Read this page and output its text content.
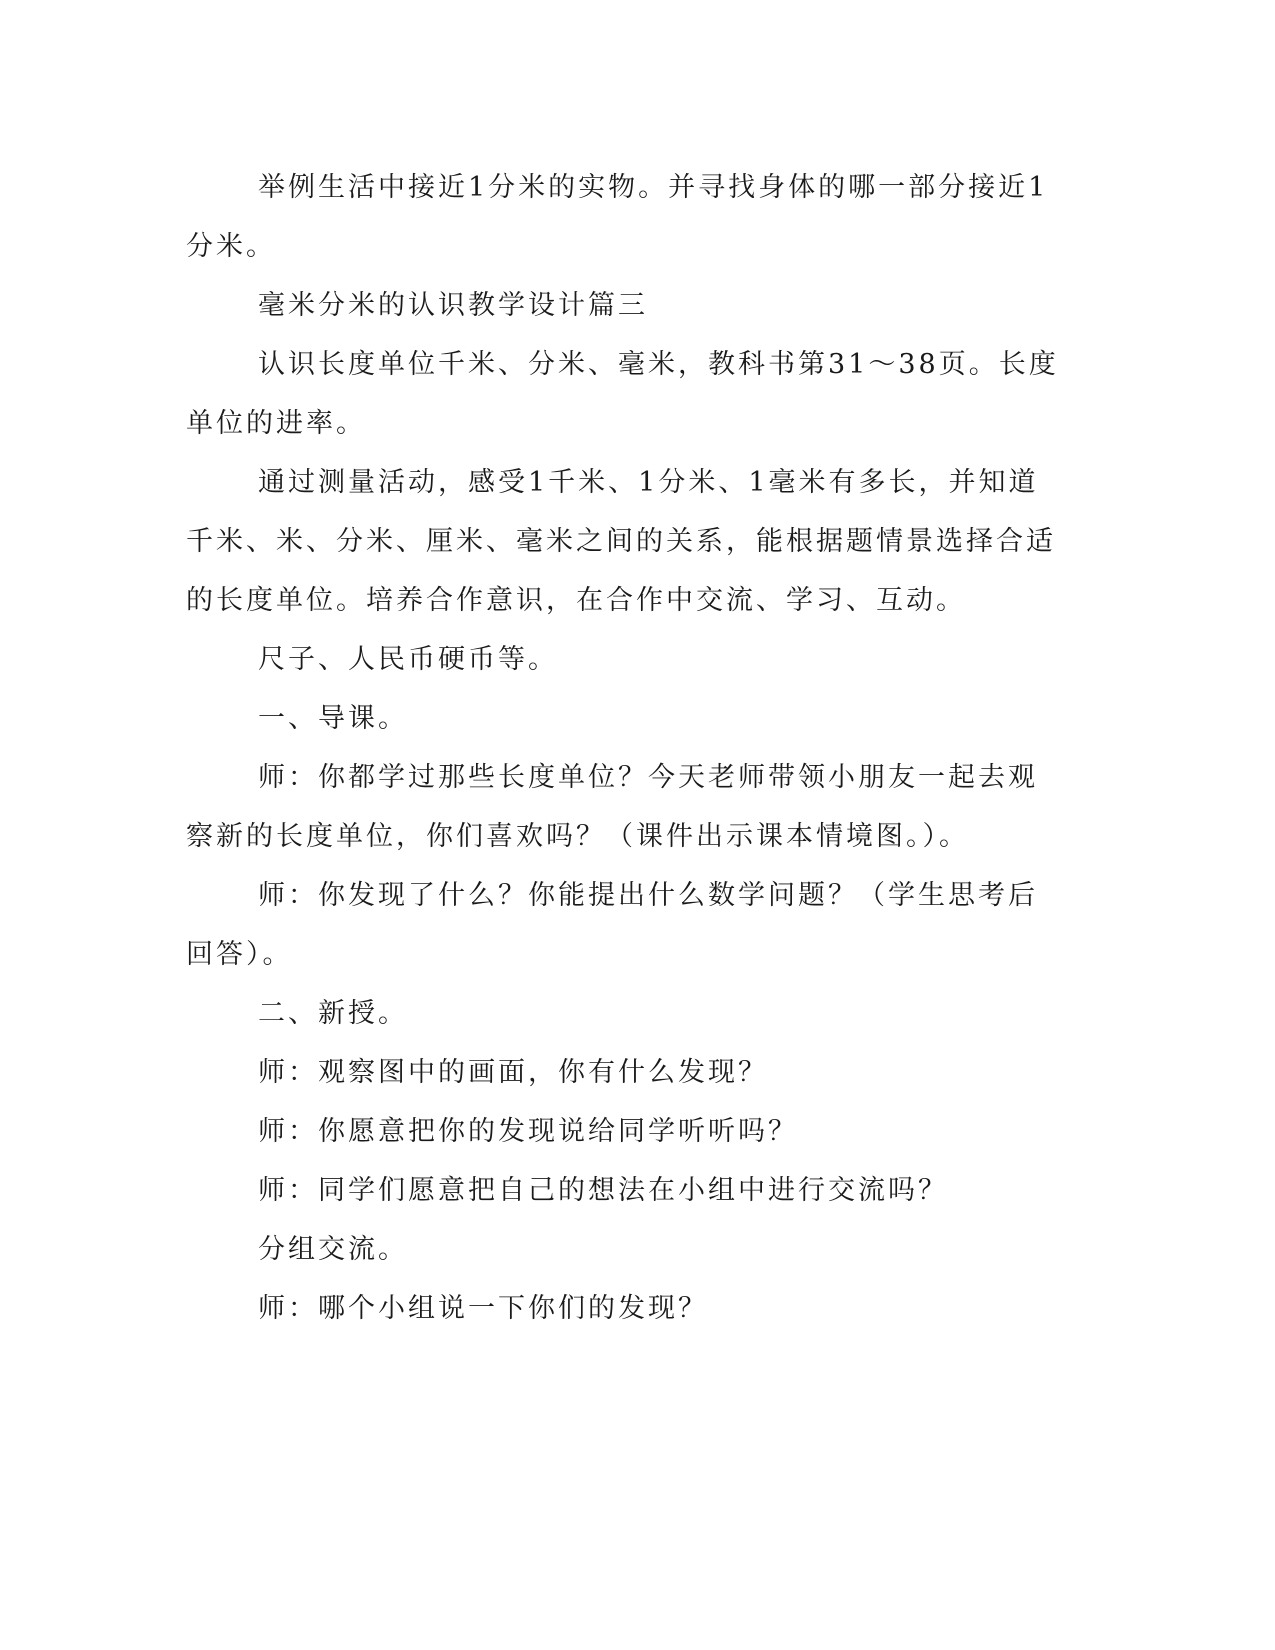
举例生活中接近1分米的实物。并寻找身体的哪一部分接近1分米。

毫米分米的认识教学设计篇三

认识长度单位千米、分米、毫米，教科书第31～38页。长度单位的进率。

通过测量活动，感受1千米、1分米、1毫米有多长，并知道千米、米、分米、厘米、毫米之间的关系，能根据题情景选择合适的长度单位。培养合作意识，在合作中交流、学习、互动。

尺子、人民币硬币等。

一、导课。

师：你都学过那些长度单位？今天老师带领小朋友一起去观察新的长度单位，你们喜欢吗？（课件出示课本情境图。）。

师：你发现了什么？你能提出什么数学问题？（学生思考后回答）。

二、新授。

师：观察图中的画面，你有什么发现？

师：你愿意把你的发现说给同学听听吗？

师：同学们愿意把自己的想法在小组中进行交流吗？

分组交流。

师：哪个小组说一下你们的发现？
